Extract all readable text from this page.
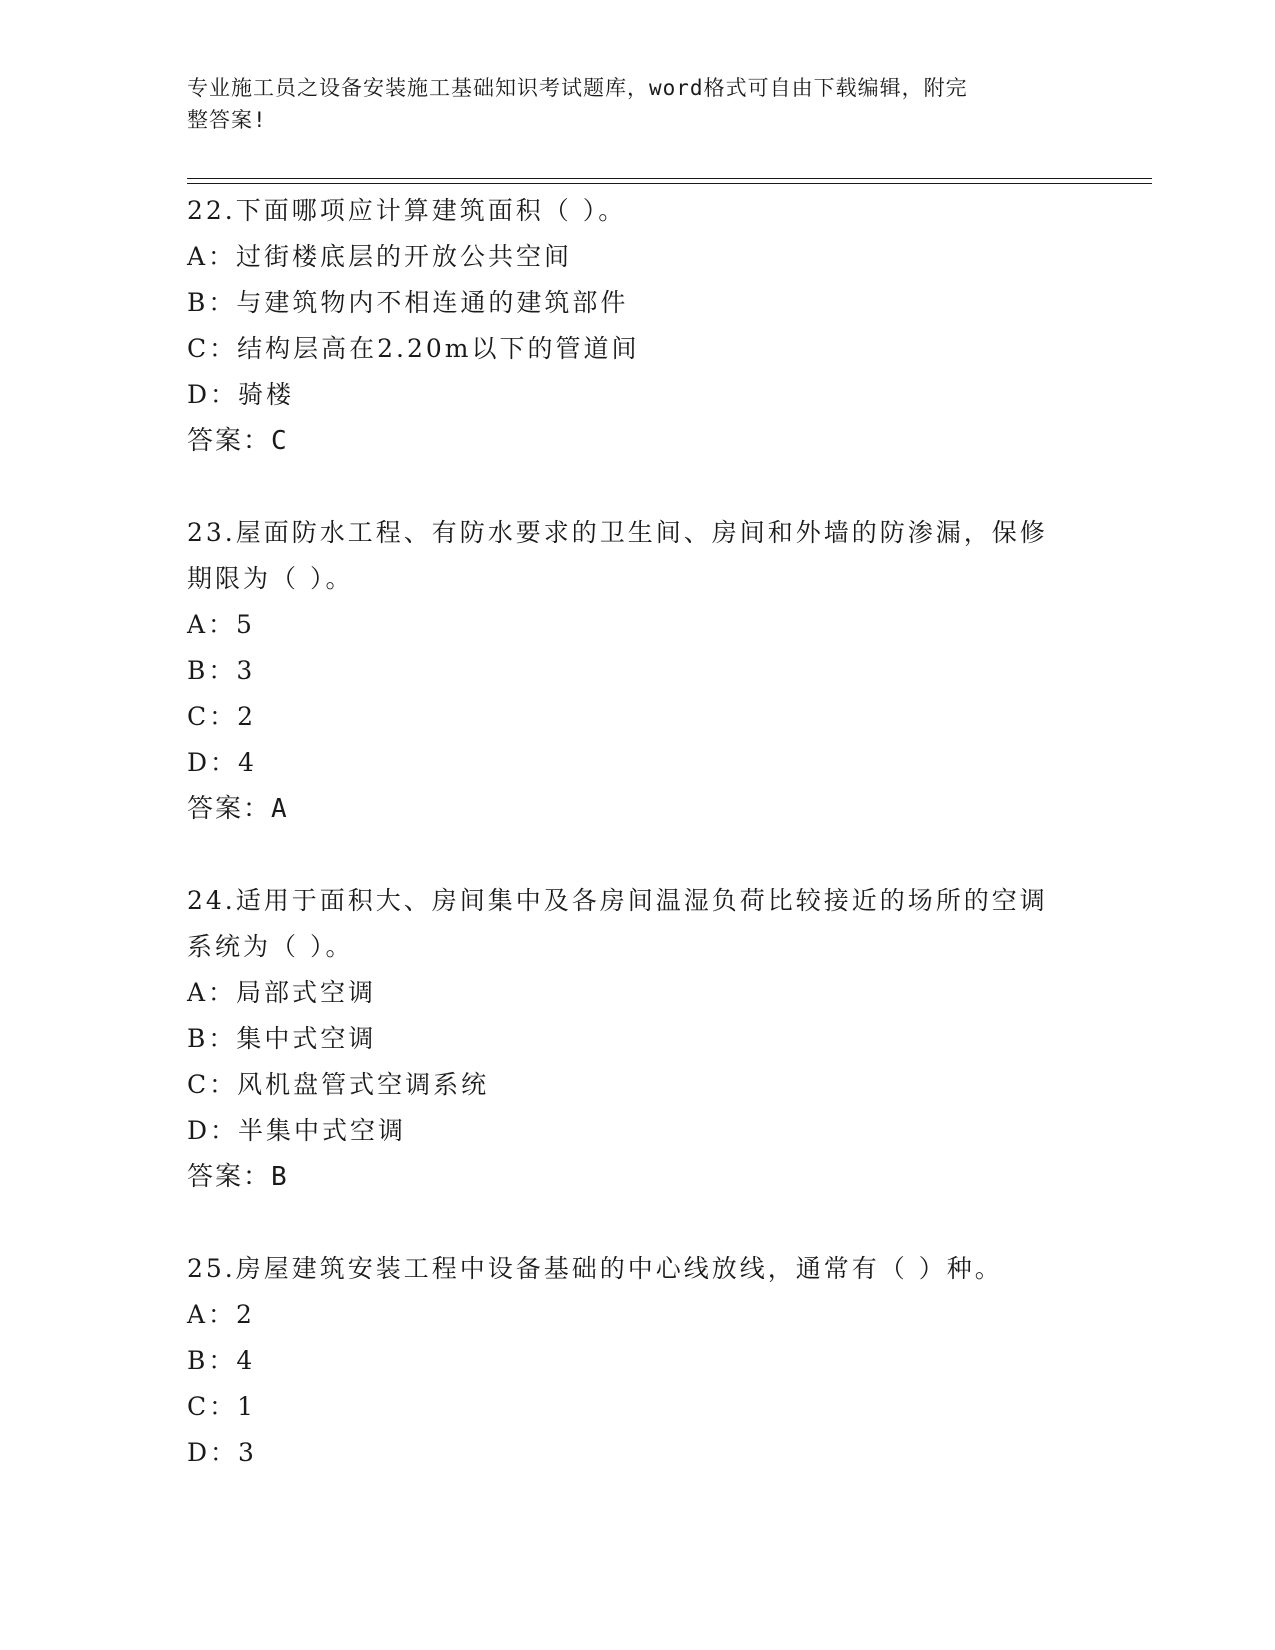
专业施工员之设备安装施工基础知识考试题库，word格式可自由下载编辑，附完
整答案!
22.下面哪项应计算建筑面积（ ）。
A：过街楼底层的开放公共空间
B：与建筑物内不相连通的建筑部件
C：结构层高在2.20m以下的管道间
D：骑楼
答案：C
23.屋面防水工程、有防水要求的卫生间、房间和外墙的防渗漏，保修
期限为（ ）。
A：5
B：3
C：2
D：4
答案：A
24.适用于面积大、房间集中及各房间温湿负荷比较接近的场所的空调
系统为（ ）。
A：局部式空调
B：集中式空调
C：风机盘管式空调系统
D：半集中式空调
答案：B
25.房屋建筑安装工程中设备基础的中心线放线，通常有（ ）种。
A：2
B：4
C：1
D：3
